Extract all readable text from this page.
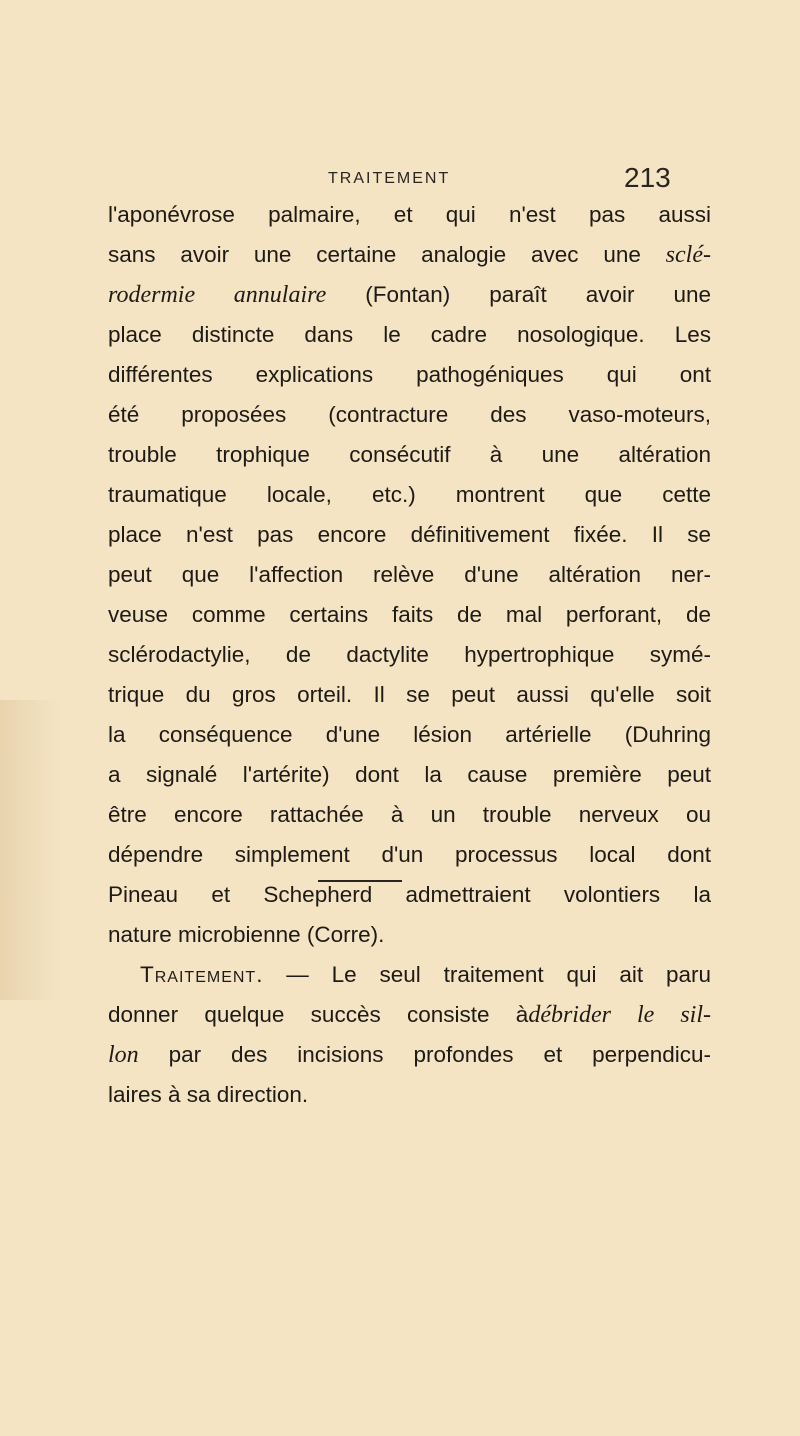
TRAITEMENT	213
l'aponévrose palmaire, et qui n'est pas aussi
sans avoir une certaine analogie avec une sclé-
rodermie annulaire (Fontan) paraît avoir une
place distincte dans le cadre nosologique. Les
différentes explications pathogéniques qui ont
été proposées (contracture des vaso-moteurs,
trouble trophique consécutif à une altération
traumatique locale, etc.) montrent que cette
place n'est pas encore définitivement fixée. Il se
peut que l'affection relève d'une altération ner-
veuse comme certains faits de mal perforant, de
sclérodactylie, de dactylite hypertrophique symé-
trique du gros orteil. Il se peut aussi qu'elle soit
la conséquence d'une lésion artérielle (Duhring
a signalé l'artérite) dont la cause première peut
être encore rattachée à un trouble nerveux ou
dépendre simplement d'un processus local dont
Pineau et Schepherd admettraient volontiers la
nature microbienne (Corre).
Traitement. — Le seul traitement qui ait paru
donner quelque succès consiste àdébrider le sil-
lon par des incisions profondes et perpendicu-
laires à sa direction.
